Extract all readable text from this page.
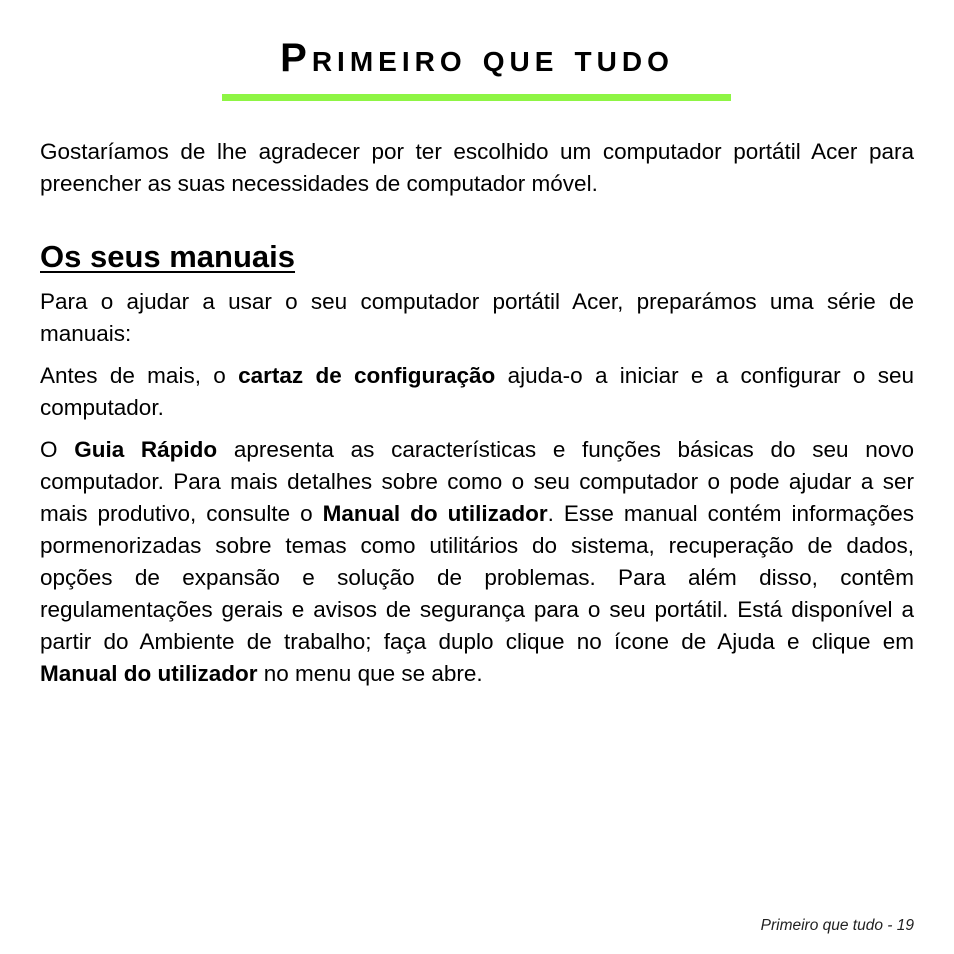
Primeiro que tudo

Gostaríamos de lhe agradecer por ter escolhido um computador portátil Acer para preencher as suas necessidades de computador móvel.

Os seus manuais

Para o ajudar a usar o seu computador portátil Acer, preparámos uma série de manuais:

Antes de mais, o cartaz de configuração ajuda-o a iniciar e a configurar o seu computador.

O Guia Rápido apresenta as características e funções básicas do seu novo computador. Para mais detalhes sobre como o seu computador o pode ajudar a ser mais produtivo, consulte o Manual do utilizador. Esse manual contém informações pormenorizadas sobre temas como utilitários do sistema, recuperação de dados, opções de expansão e solução de problemas. Para além disso, contêm regulamentações gerais e avisos de segurança para o seu portátil. Está disponível a partir do Ambiente de trabalho; faça duplo clique no ícone de Ajuda e clique em Manual do utilizador no menu que se abre.

Primeiro que tudo - 19
